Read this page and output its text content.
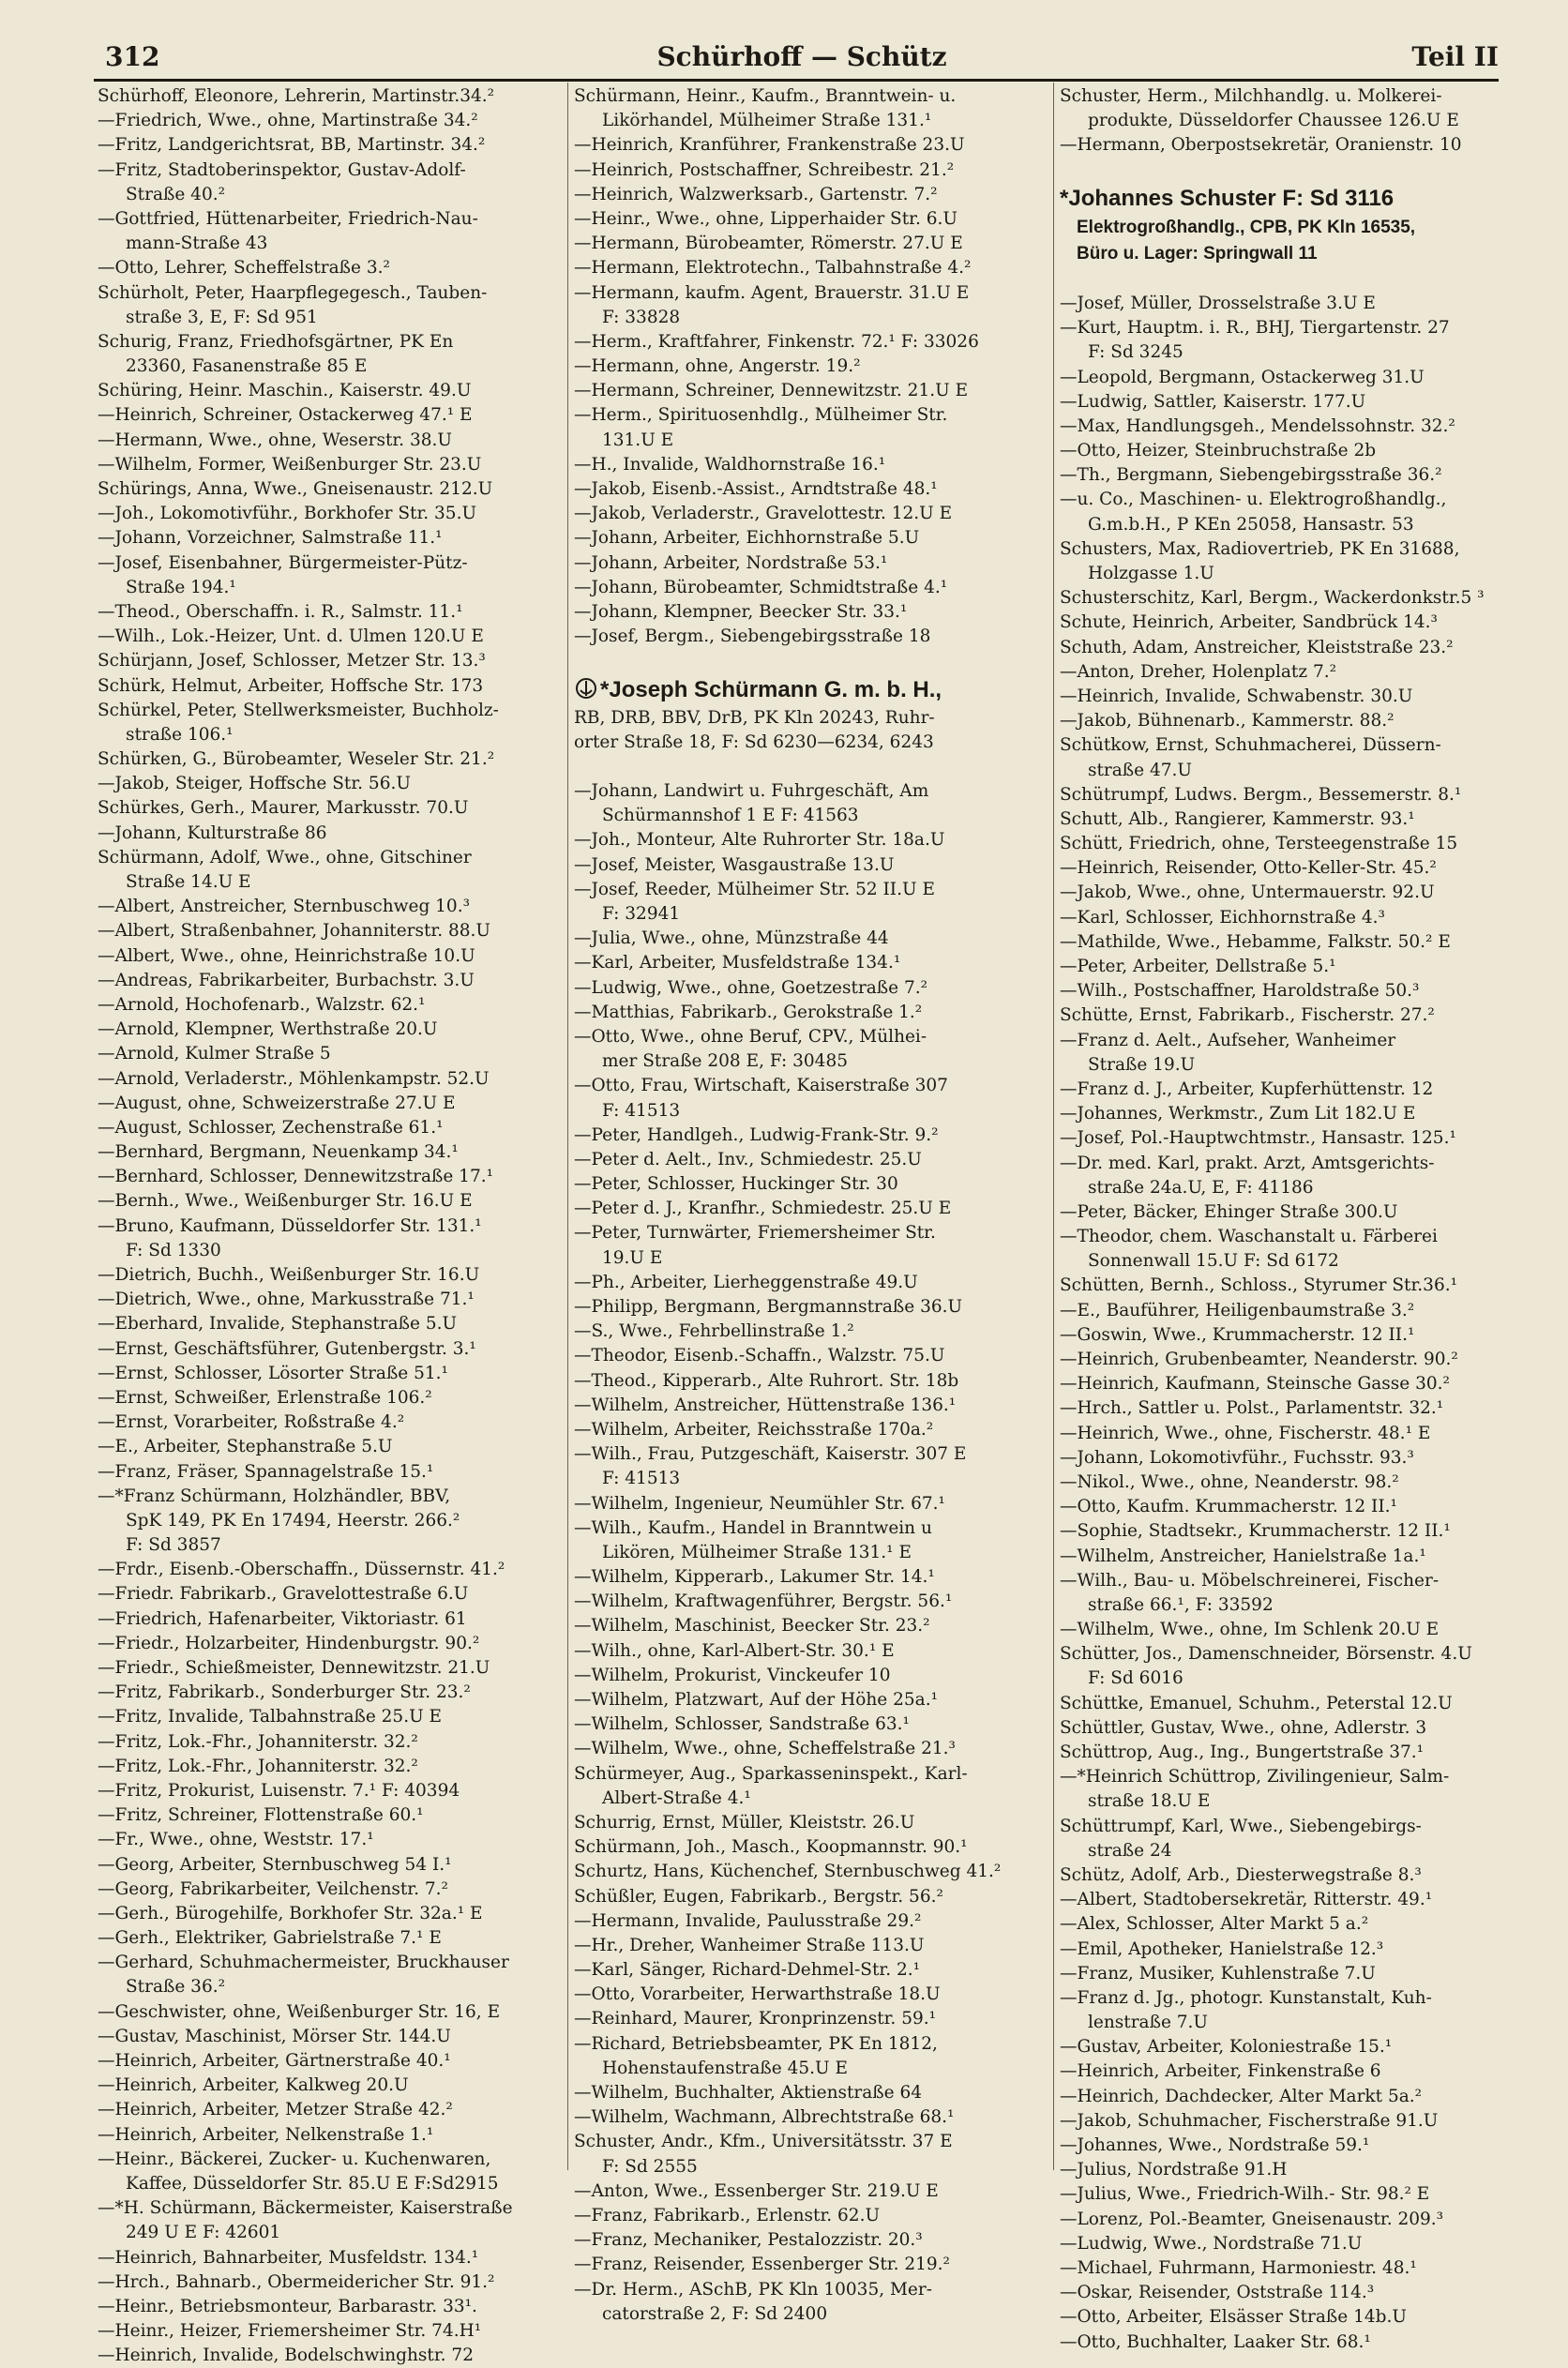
312	Schürhoff — Schütz	Teil II
Schürhoff, Eleonore, Lehrerin, Martinstr.34.²
—Friedrich, Wwe., ohne, Martinstraße 34.²
—Fritz, Landgerichtsrat, BB, Martinstr. 34.²
—Fritz, Stadtoberinspektor, Gustav-Adolf-
Straße 40.²
—Gottfried, Hüttenarbeiter, Friedrich-Nau-
mann-Straße 43
—Otto, Lehrer, Scheffelstraße 3.²
Schürholt, Peter, Haarpflegegesch., Tauben-
straße 3, E, F: Sd 951
Schurig, Franz, Friedhofsgärtner, PK En
23360, Fasanenstraße 85 E
Schüring, Heinr. Maschin., Kaiserstr. 49.U
—Heinrich, Schreiner, Ostackerweg 47.¹ E
—Hermann, Wwe., ohne, Weserstr. 38.U
—Wilhelm, Former, Weißenburger Str. 23.U
Schürings, Anna, Wwe., Gneisenaustr. 212.U
—Joh., Lokomotivführ., Borkhofer Str. 35.U
—Johann, Vorzeichner, Salmstraße 11.¹
—Josef, Eisenbahner, Bürgermeister-Pütz-
Straße 194.¹
—Theod., Oberschaffn. i. R., Salmstr. 11.¹
—Wilh., Lok.-Heizer, Unt. d. Ulmen 120.U E
Schürjann, Josef, Schlosser, Metzer Str. 13.³
Schürk, Helmut, Arbeiter, Hoffsche Str. 173
Schürkel, Peter, Stellwerksmeister, Buchholz-
straße 106.¹
Schürken, G., Bürobeamter, Weseler Str. 21.²
—Jakob, Steiger, Hoffsche Str. 56.U
Schürkes, Gerh., Maurer, Markusstr. 70.U
—Johann, Kulturstraße 86
Schürmann, Adolf, Wwe., ohne, Gitschiner
Straße 14.U E
—Albert, Anstreicher, Sternbuschweg 10.³
—Albert, Straßenbahner, Johanniterstr. 88.U
—Albert, Wwe., ohne, Heinrichstraße 10.U
—Andreas, Fabrikarbeiter, Burbachstr. 3.U
—Arnold, Hochofenarb., Walzstr. 62.¹
—Arnold, Klempner, Werthstraße 20.U
—Arnold, Kulmer Straße 5
—Arnold, Verladerstr., Möhlenkampstr. 52.U
—August, ohne, Schweizerstraße 27.U E
—August, Schlosser, Zechenstraße 61.¹
—Bernhard, Bergmann, Neuenkamp 34.¹
—Bernhard, Schlosser, Dennewitzstraße 17.¹
—Bernh., Wwe., Weißenburger Str. 16.U E
—Bruno, Kaufmann, Düsseldorfer Str. 131.¹
F: Sd 1330
—Dietrich, Buchh., Weißenburger Str. 16.U
—Dietrich, Wwe., ohne, Markusstraße 71.¹
—Eberhard, Invalide, Stephanstraße 5.U
—Ernst, Geschäftsführer, Gutenbergstr. 3.¹
—Ernst, Schlosser, Lösorter Straße 51.¹
—Ernst, Schweißer, Erlenstraße 106.²
—Ernst, Vorarbeiter, Roßstraße 4.²
—E., Arbeiter, Stephanstraße 5.U
—Franz, Fräser, Spannagelstraße 15.¹
—*Franz Schürmann, Holzhändler, BBV,
SpK 149, PK En 17494, Heerstr. 266.²
F: Sd 3857
—Frdr., Eisenb.-Oberschaffn., Düssernstr. 41.²
—Friedr. Fabrikarb., Gravelottestraße 6.U
—Friedrich, Hafenarbeiter, Viktoriastr. 61
—Friedr., Holzarbeiter, Hindenburgstr. 90.²
—Friedr., Schießmeister, Dennewitzstr. 21.U
—Fritz, Fabrikarb., Sonderburger Str. 23.²
—Fritz, Invalide, Talbahnstraße 25.U E
—Fritz, Lok.-Fhr., Johanniterstr. 32.²
—Fritz, Lok.-Fhr., Johanniterstr. 32.²
—Fritz, Prokurist, Luisenstr. 7.¹ F: 40394
—Fritz, Schreiner, Flottenstraße 60.¹
—Fr., Wwe., ohne, Weststr. 17.¹
—Georg, Arbeiter, Sternbuschweg 54 I.¹
—Georg, Fabrikarbeiter, Veilchenstr. 7.²
—Gerh., Bürogehilfe, Borkhofer Str. 32a.¹ E
—Gerh., Elektriker, Gabrielstraße 7.¹ E
—Gerhard, Schuhmachermeister, Bruckhauser
Straße 36.²
—Geschwister, ohne, Weißenburger Str. 16, E
—Gustav, Maschinist, Mörser Str. 144.U
—Heinrich, Arbeiter, Gärtnerstraße 40.¹
—Heinrich, Arbeiter, Kalkweg 20.U
—Heinrich, Arbeiter, Metzer Straße 42.²
—Heinrich, Arbeiter, Nelkenstraße 1.¹
—Heinr., Bäckerei, Zucker- u. Kuchenwaren,
Kaffee, Düsseldorfer Str. 85.U E F:Sd2915
—*H. Schürmann, Bäckermeister, Kaiserstraße
249 U E F: 42601
—Heinrich, Bahnarbeiter, Musfeldstr. 134.¹
—Hrch., Bahnarb., Obermeidericher Str. 91.²
—Heinr., Betriebsmonteur, Barbarastr. 33¹.
—Heinr., Heizer, Friemersheimer Str. 74.H¹
—Heinrich, Invalide, Bodelschwinghstr. 72
Schürmann, Heinr., Kaufm., Branntwein- u.
Likörhandel, Mülheimer Straße 131.¹
—Heinrich, Kranführer, Frankenstraße 23.U
—Heinrich, Postschaffner, Schreibestr. 21.²
—Heinrich, Walzwerksarb., Gartenstr. 7.²
—Heinr., Wwe., ohne, Lipperhaider Str. 6.U
—Hermann, Bürobeamter, Römerstr. 27.U E
—Hermann, Elektrotechn., Talbahnstraße 4.²
—Hermann, kaufm. Agent, Brauerstr. 31.U E
F: 33828
—Herm., Kraftfahrer, Finkenstr. 72.¹ F: 33026
—Hermann, ohne, Angerstr. 19.²
—Hermann, Schreiner, Dennewitzstr. 21.U E
—Herm., Spirituosenhdlg., Mülheimer Str.
131.U E
—H., Invalide, Waldhornstraße 16.¹
—Jakob, Eisenb.-Assist., Arndtstraße 48.¹
—Jakob, Verladerstr., Gravelottestr. 12.U E
—Johann, Arbeiter, Eichhornstraße 5.U
—Johann, Arbeiter, Nordstraße 53.¹
—Johann, Bürobeamter, Schmidtstraße 4.¹
—Johann, Klempner, Beecker Str. 33.¹
—Josef, Bergm., Siebengebirgsstraße 18
*Joseph Schürmann G. m. b. H.,
RB, DRB, BBV, DrB, PK Kln 20243, Ruhr-
orter Straße 18, F: Sd 6230—6234, 6243
—Johann, Landwirt u. Fuhrgeschäft, Am
Schürmannshof 1 E F: 41563
—Joh., Monteur, Alte Ruhrorter Str. 18a.U
—Josef, Meister, Wasgaustraße 13.U
—Josef, Reeder, Mülheimer Str. 52 II.U E
F: 32941
—Julia, Wwe., ohne, Münzstraße 44
—Karl, Arbeiter, Musfeldstraße 134.¹
—Ludwig, Wwe., ohne, Goetzestraße 7.²
—Matthias, Fabrikarb., Gerokstraße 1.²
—Otto, Wwe., ohne Beruf, CPV., Mülhei-
mer Straße 208 E, F: 30485
—Otto, Frau, Wirtschaft, Kaiserstraße 307
F: 41513
—Peter, Handlgeh., Ludwig-Frank-Str. 9.²
—Peter d. Aelt., Inv., Schmiedestr. 25.U
—Peter, Schlosser, Huckinger Str. 30
—Peter d. J., Kranfhr., Schmiedestr. 25.U E
—Peter, Turnwärter, Friemersheimer Str.
19.U E
—Ph., Arbeiter, Lierheggenstraße 49.U
—Philipp, Bergmann, Bergmannstraße 36.U
—S., Wwe., Fehrbellinstraße 1.²
—Theodor, Eisenb.-Schaffn., Walzstr. 75.U
—Theod., Kipperarb., Alte Ruhrort. Str. 18b
—Wilhelm, Anstreicher, Hüttenstraße 136.¹
—Wilhelm, Arbeiter, Reichsstraße 170a.²
—Wilh., Frau, Putzgeschäft, Kaiserstr. 307 E
F: 41513
—Wilhelm, Ingenieur, Neumühler Str. 67.¹
—Wilh., Kaufm., Handel in Branntwein u
Likören, Mülheimer Straße 131.¹ E
—Wilhelm, Kipperarb., Lakumer Str. 14.¹
—Wilhelm, Kraftwagenführer, Bergstr. 56.¹
—Wilhelm, Maschinist, Beecker Str. 23.²
—Wilh., ohne, Karl-Albert-Str. 30.¹ E
—Wilhelm, Prokurist, Vinckeufer 10
—Wilhelm, Platzwart, Auf der Höhe 25a.¹
—Wilhelm, Schlosser, Sandstraße 63.¹
—Wilhelm, Wwe., ohne, Scheffelstraße 21.³
Schürmeyer, Aug., Sparkasseninspekt., Karl-
Albert-Straße 4.¹
Schurrig, Ernst, Müller, Kleiststr. 26.U
Schürmann, Joh., Masch., Koopmannstr. 90.¹
Schurtz, Hans, Küchenchef, Sternbuschweg 41.²
Schüßler, Eugen, Fabrikarb., Bergstr. 56.²
—Hermann, Invalide, Paulusstraße 29.²
—Hr., Dreher, Wanheimer Straße 113.U
—Karl, Sänger, Richard-Dehmel-Str. 2.¹
—Otto, Vorarbeiter, Herwarthstraße 18.U
—Reinhard, Maurer, Kronprinzenstr. 59.¹
—Richard, Betriebsbeamter, PK En 1812,
Hohenstaufenstraße 45.U E
—Wilhelm, Buchhalter, Aktienstraße 64
—Wilhelm, Wachmann, Albrechtstraße 68.¹
Schuster, Andr., Kfm., Universitätsstr. 37 E
F: Sd 2555
—Anton, Wwe., Essenberger Str. 219.U E
—Franz, Fabrikarb., Erlenstr. 62.U
—Franz, Mechaniker, Pestalozzistr. 20.³
—Franz, Reisender, Essenberger Str. 219.²
—Dr. Herm., ASchB, PK Kln 10035, Mer-
catorstraße 2, F: Sd 2400
Schuster, Herm., Milchhandlg. u. Molkerei-
produkte, Düsseldorfer Chaussee 126.U E
—Hermann, Oberpostsekretär, Oranienstr. 10
*Johannes Schuster F: Sd 3116
Elektrogroßhandlg., CPB, PK Kln 16535,
Büro u. Lager: Springwall 11
—Josef, Müller, Drosselstraße 3.U E
—Kurt, Hauptm. i. R., BHJ, Tiergartenstr. 27
F: Sd 3245
—Leopold, Bergmann, Ostackerweg 31.U
—Ludwig, Sattler, Kaiserstr. 177.U
—Max, Handlungsgeh., Mendelssohnstr. 32.²
—Otto, Heizer, Steinbruchstraße 2b
—Th., Bergmann, Siebengebirgsstraße 36.²
—u. Co., Maschinen- u. Elektrogroßhandlg.,
G.m.b.H., P KEn 25058, Hansastr. 53
Schusters, Max, Radiovertrieb, PK En 31688,
Holzgasse 1.U
Schusterschitz, Karl, Bergm., Wackerdonkstr.5 ³
Schute, Heinrich, Arbeiter, Sandbrück 14.³
Schuth, Adam, Anstreicher, Kleiststraße 23.²
—Anton, Dreher, Holenplatz 7.²
—Heinrich, Invalide, Schwabenstr. 30.U
—Jakob, Bühnenarb., Kammerstr. 88.²
Schütkow, Ernst, Schuhmacherei, Düssern-
straße 47.U
Schütrumpf, Ludws. Bergm., Bessemerstr. 8.¹
Schutt, Alb., Rangierer, Kammerstr. 93.¹
Schütt, Friedrich, ohne, Tersteegenstraße 15
—Heinrich, Reisender, Otto-Keller-Str. 45.²
—Jakob, Wwe., ohne, Untermauerstr. 92.U
—Karl, Schlosser, Eichhornstraße 4.³
—Mathilde, Wwe., Hebamme, Falkstr. 50.² E
—Peter, Arbeiter, Dellstraße 5.¹
—Wilh., Postschaffner, Haroldstraße 50.³
Schütte, Ernst, Fabrikarb., Fischerstr. 27.²
—Franz d. Aelt., Aufseher, Wanheimer
Straße 19.U
—Franz d. J., Arbeiter, Kupferhüttenstr. 12
—Johannes, Werkmstr., Zum Lit 182.U E
—Josef, Pol.-Hauptwchtmstr., Hansastr. 125.¹
—Dr. med. Karl, prakt. Arzt, Amtsgerichts-
straße 24a.U, E, F: 41186
—Peter, Bäcker, Ehinger Straße 300.U
—Theodor, chem. Waschanstalt u. Färberei
Sonnenwall 15.U F: Sd 6172
Schütten, Bernh., Schloss., Styrumer Str.36.¹
—E., Bauführer, Heiligenbaumstraße 3.²
—Goswin, Wwe., Krummacherstr. 12 II.¹
—Heinrich, Grubenbeamter, Neanderstr. 90.²
—Heinrich, Kaufmann, Steinsche Gasse 30.²
—Hrch., Sattler u. Polst., Parlamentstr. 32.¹
—Heinrich, Wwe., ohne, Fischerstr. 48.¹ E
—Johann, Lokomotivführ., Fuchsstr. 93.³
—Nikol., Wwe., ohne, Neanderstr. 98.²
—Otto, Kaufm. Krummacherstr. 12 II.¹
—Sophie, Stadtsekr., Krummacherstr. 12 II.¹
—Wilhelm, Anstreicher, Hanielstraße 1a.¹
—Wilh., Bau- u. Möbelschreinerei, Fischer-
straße 66.¹, F: 33592
—Wilhelm, Wwe., ohne, Im Schlenk 20.U E
Schütter, Jos., Damenschneider, Börsenstr. 4.U
F: Sd 6016
Schüttke, Emanuel, Schuhm., Peterstal 12.U
Schüttler, Gustav, Wwe., ohne, Adlerstr. 3
Schüttrop, Aug., Ing., Bungertstraße 37.¹
—*Heinrich Schüttrop, Zivilingenieur, Salm-
straße 18.U E
Schüttrumpf, Karl, Wwe., Siebengebirgs-
straße 24
Schütz, Adolf, Arb., Diesterwegstraße 8.³
—Albert, Stadtobersekretär, Ritterstr. 49.¹
—Alex, Schlosser, Alter Markt 5 a.²
—Emil, Apotheker, Hanielstraße 12.³
—Franz, Musiker, Kuhlenstraße 7.U
—Franz d. Jg., photogr. Kunstanstalt, Kuh-
lenstraße 7.U
—Gustav, Arbeiter, Koloniestraße 15.¹
—Heinrich, Arbeiter, Finkenstraße 6
—Heinrich, Dachdecker, Alter Markt 5a.²
—Jakob, Schuhmacher, Fischerstraße 91.U
—Johannes, Wwe., Nordstraße 59.¹
—Julius, Nordstraße 91.H
—Julius, Wwe., Friedrich-Wilh.- Str. 98.² E
—Lorenz, Pol.-Beamter, Gneisenaustr. 209.³
—Ludwig, Wwe., Nordstraße 71.U
—Michael, Fuhrmann, Harmoniestr. 48.¹
—Oskar, Reisender, Oststraße 114.³
—Otto, Arbeiter, Elsässer Straße 14b.U
—Otto, Buchhalter, Laaker Str. 68.¹
